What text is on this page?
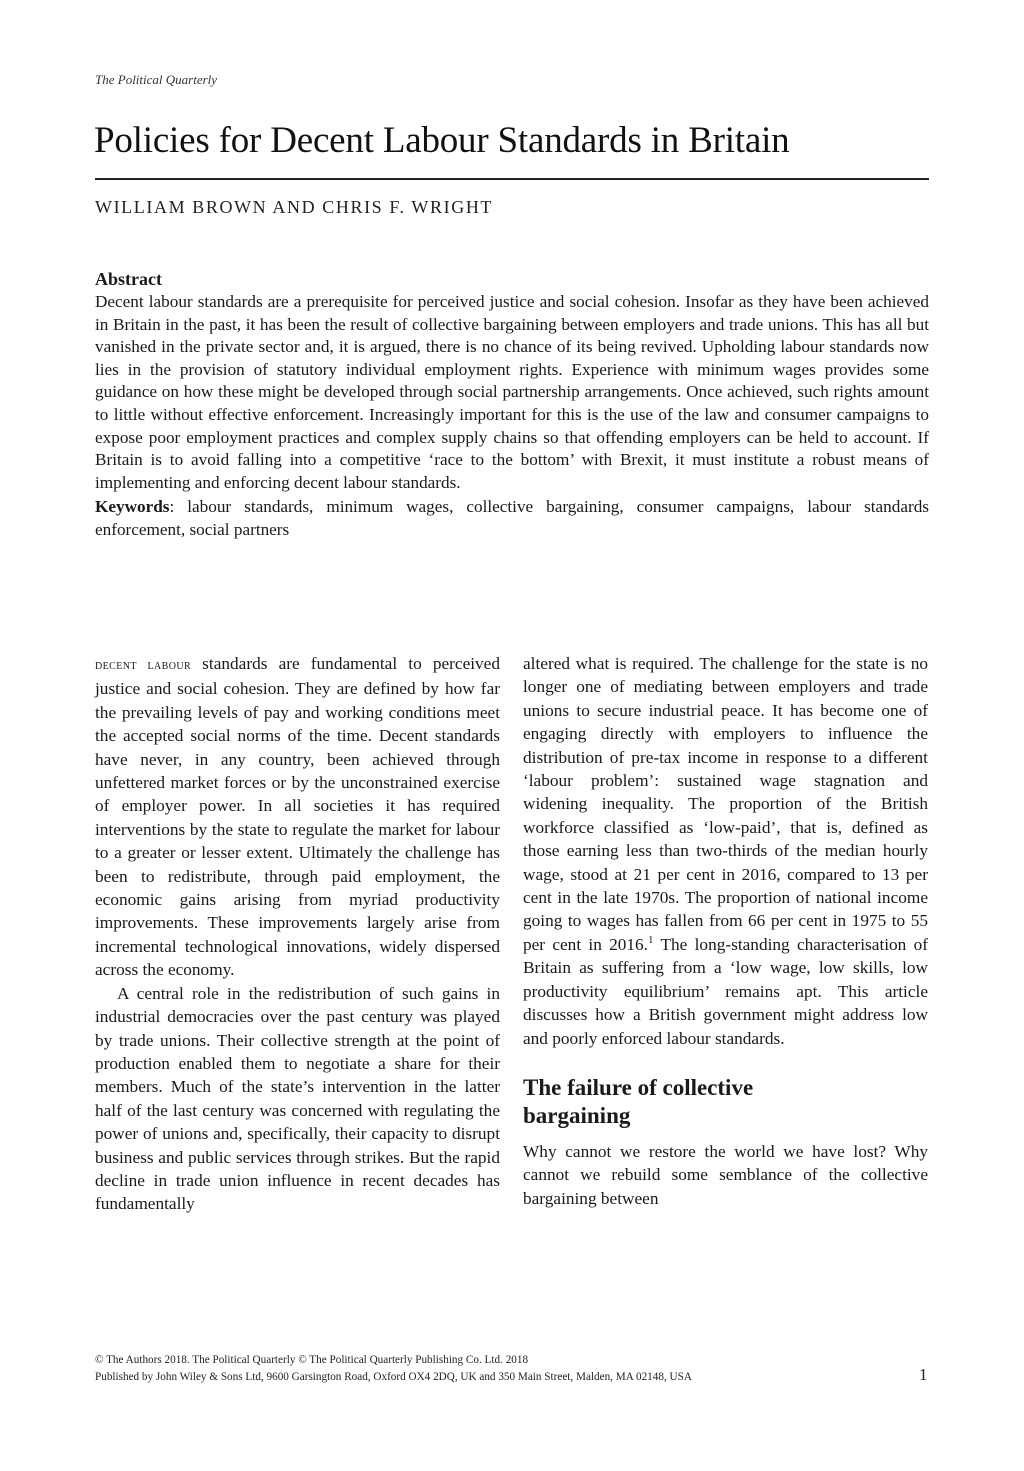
The Political Quarterly
Policies for Decent Labour Standards in Britain
WILLIAM BROWN AND CHRIS F. WRIGHT
Abstract

Decent labour standards are a prerequisite for perceived justice and social cohesion. Insofar as they have been achieved in Britain in the past, it has been the result of collective bargaining between employers and trade unions. This has all but vanished in the private sector and, it is argued, there is no chance of its being revived. Upholding labour standards now lies in the provision of statutory individual employment rights. Experience with minimum wages provides some guidance on how these might be developed through social partnership arrangements. Once achieved, such rights amount to little without effective enforcement. Increasingly important for this is the use of the law and consumer campaigns to expose poor employment practices and complex supply chains so that offending employers can be held to account. If Britain is to avoid falling into a competitive ‘race to the bottom’ with Brexit, it must institute a robust means of implementing and enforcing decent labour standards.

Keywords: labour standards, minimum wages, collective bargaining, consumer campaigns, labour standards enforcement, social partners

decent labour standards are fundamental to perceived justice and social cohesion. They are defined by how far the prevailing levels of pay and working conditions meet the accepted social norms of the time. Decent standards have never, in any country, been achieved through unfettered market forces or by the unconstrained exercise of employer power. In all societies it has required interventions by the state to regulate the market for labour to a greater or lesser extent. Ultimately the challenge has been to redistribute, through paid employment, the economic gains arising from myriad productivity improvements. These improvements largely arise from incremental technological innovations, widely dispersed across the economy.

A central role in the redistribution of such gains in industrial democracies over the past century was played by trade unions. Their collective strength at the point of production enabled them to negotiate a share for their members. Much of the state’s intervention in the latter half of the last century was concerned with regulating the power of unions and, specifically, their capacity to disrupt business and public services through strikes. But the rapid decline in trade union influence in recent decades has fundamentally

altered what is required. The challenge for the state is no longer one of mediating between employers and trade unions to secure industrial peace. It has become one of engaging directly with employers to influence the distribution of pre-tax income in response to a different ‘labour problem’: sustained wage stagnation and widening inequality. The proportion of the British workforce classified as ‘low-paid’, that is, defined as those earning less than two-thirds of the median hourly wage, stood at 21 per cent in 2016, compared to 13 per cent in the late 1970s. The proportion of national income going to wages has fallen from 66 per cent in 1975 to 55 per cent in 2016.$^1$ The long-standing characterisation of Britain as suffering from a ‘low wage, low skills, low productivity equilibrium’ remains apt. This article discusses how a British government might address low and poorly enforced labour standards.

The failure of collective bargaining

Why cannot we restore the world we have lost? Why cannot we rebuild some semblance of the collective bargaining between

© The Authors 2018. The Political Quarterly © The Political Quarterly Publishing Co. Ltd. 2018
Published by John Wiley & Sons Ltd, 9600 Garsington Road, Oxford OX4 2DQ, UK and 350 Main Street, Malden, MA 02148, USA	1
